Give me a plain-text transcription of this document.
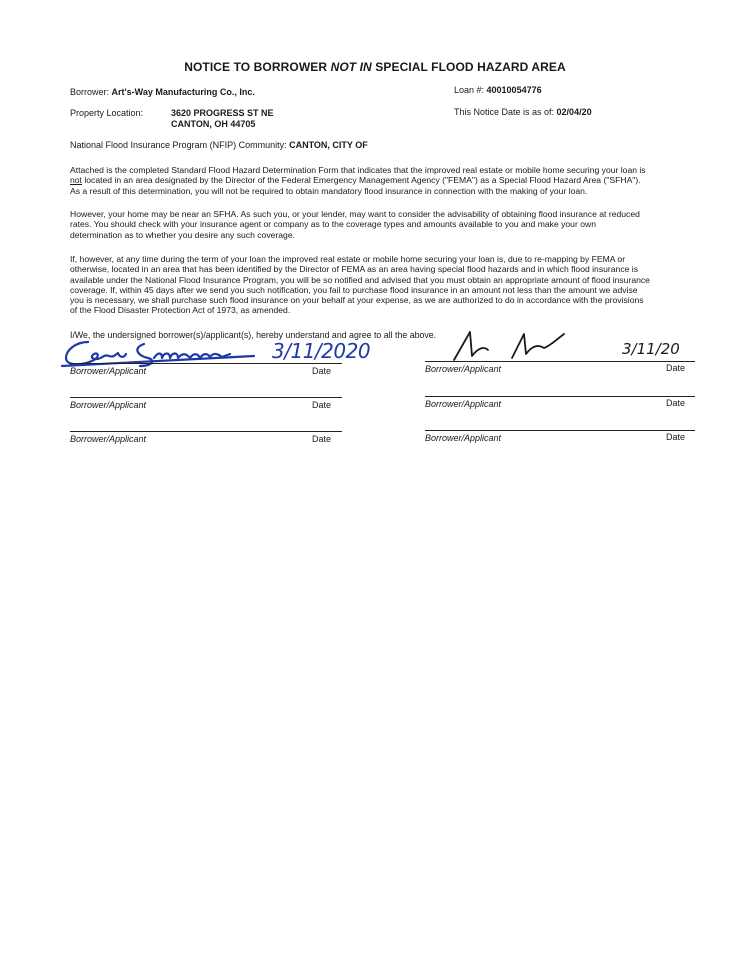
NOTICE TO BORROWER NOT IN SPECIAL FLOOD HAZARD AREA
Borrower: Art's-Way Manufacturing Co., Inc.	Loan #: 40010054776
Property Location:	3620 PROGRESS ST NE
CANTON, OH 44705
This Notice Date is as of: 02/04/20
National Flood Insurance Program (NFIP) Community: CANTON, CITY OF
Attached is the completed Standard Flood Hazard Determination Form that indicates that the improved real estate or mobile home securing your loan is
not located in an area designated by the Director of the Federal Emergency Management Agency ("FEMA") as a Special Flood Hazard Area ("SFHA").
As a result of this determination, you will not be required to obtain mandatory flood insurance in connection with the making of your loan.
However, your home may be near an SFHA. As such you, or your lender, may want to consider the advisability of obtaining flood insurance at reduced
rates. You should check with your insurance agent or company as to the coverage types and amounts available to you and make your own
determination as to whether you desire any such coverage.
If, however, at any time during the term of your loan the improved real estate or mobile home securing your loan is, due to re-mapping by FEMA or
otherwise, located in an area that has been identified by the Director of FEMA as an area having special flood hazards and in which flood insurance is
available under the National Flood Insurance Program, you will be so notified and advised that you must obtain an appropriate amount of flood insurance
coverage. If, within 45 days after we send you such notification, you fail to purchase flood insurance in an amount not less than the amount we advise
you is necessary, we shall purchase such flood insurance on your behalf at your expense, as we are authorized to do in accordance with the provisions
of the Flood Disaster Protection Act of 1973, as amended.
I/We, the undersigned borrower(s)/applicant(s), hereby understand and agree to all the above.
3/11/2020	3/11/20
Borrower/Applicant	Date	Borrower/Applicant	Date
Borrower/Applicant	Date	Borrower/Applicant	Date
Borrower/Applicant	Date	Borrower/Applicant	Date
